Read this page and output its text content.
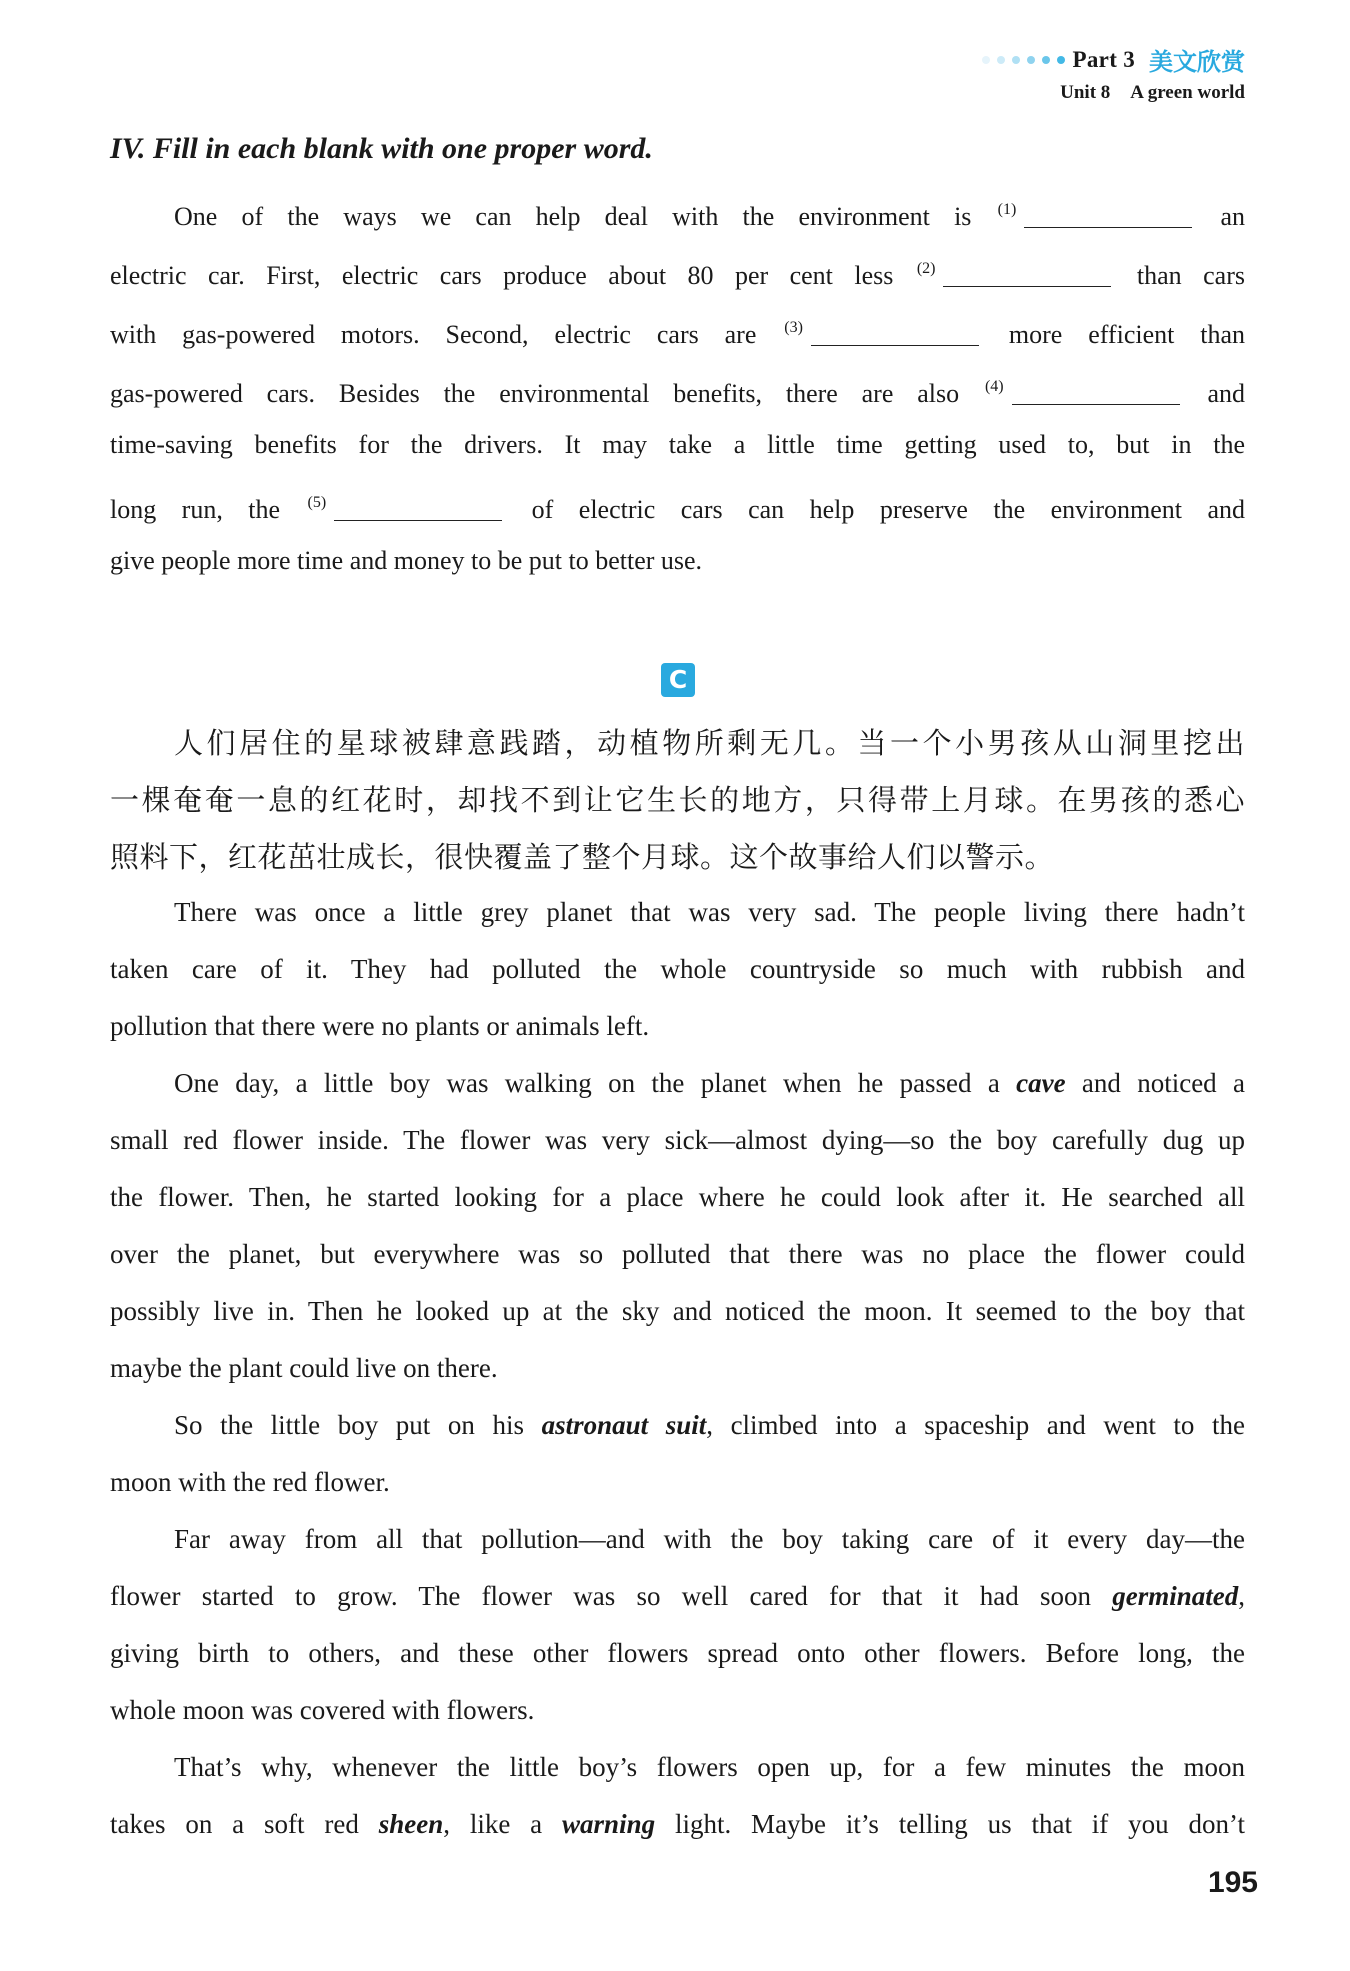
Part 3 美文欣赏
Unit 8 A green world
IV. Fill in each blank with one proper word.
One of the ways we can help deal with the environment is $^{(1)}$	an
electric car. First, electric cars produce about 80 per cent less $^{(2)}$	than cars
with gas-powered motors. Second, electric cars are $^{(3)}$	more efficient than
gas-powered cars. Besides the environmental benefits, there are also $^{(4)}$	and
time-saving benefits for the drivers. It may take a little time getting used to, but in the
long run, the $^{(5)}$	of electric cars can help preserve the environment and
give people more time and money to be put to better use.
C
人们居住的星球被肆意践踏，动植物所剩无几。当一个小男孩从山洞里挖出
一棵奄奄一息的红花时，却找不到让它生长的地方，只得带上月球。在男孩的悉心
照料下，红花茁壮成长，很快覆盖了整个月球。这个故事给人们以警示。
There was once a little grey planet that was very sad. The people living there hadn’t
taken care of it. They had polluted the whole countryside so much with rubbish and
pollution that there were no plants or animals left.
One day, a little boy was walking on the planet when he passed a cave and noticed a
small red flower inside. The flower was very sick—almost dying—so the boy carefully dug up
the flower. Then, he started looking for a place where he could look after it. He searched all
over the planet, but everywhere was so polluted that there was no place the flower could
possibly live in. Then he looked up at the sky and noticed the moon. It seemed to the boy that
maybe the plant could live on there.
So the little boy put on his astronaut suit, climbed into a spaceship and went to the
moon with the red flower.
Far away from all that pollution—and with the boy taking care of it every day—the
flower started to grow. The flower was so well cared for that it had soon germinated,
giving birth to others, and these other flowers spread onto other flowers. Before long, the
whole moon was covered with flowers.
That’s why, whenever the little boy’s flowers open up, for a few minutes the moon
takes on a soft red sheen, like a warning light. Maybe it’s telling us that if you don’t
195
